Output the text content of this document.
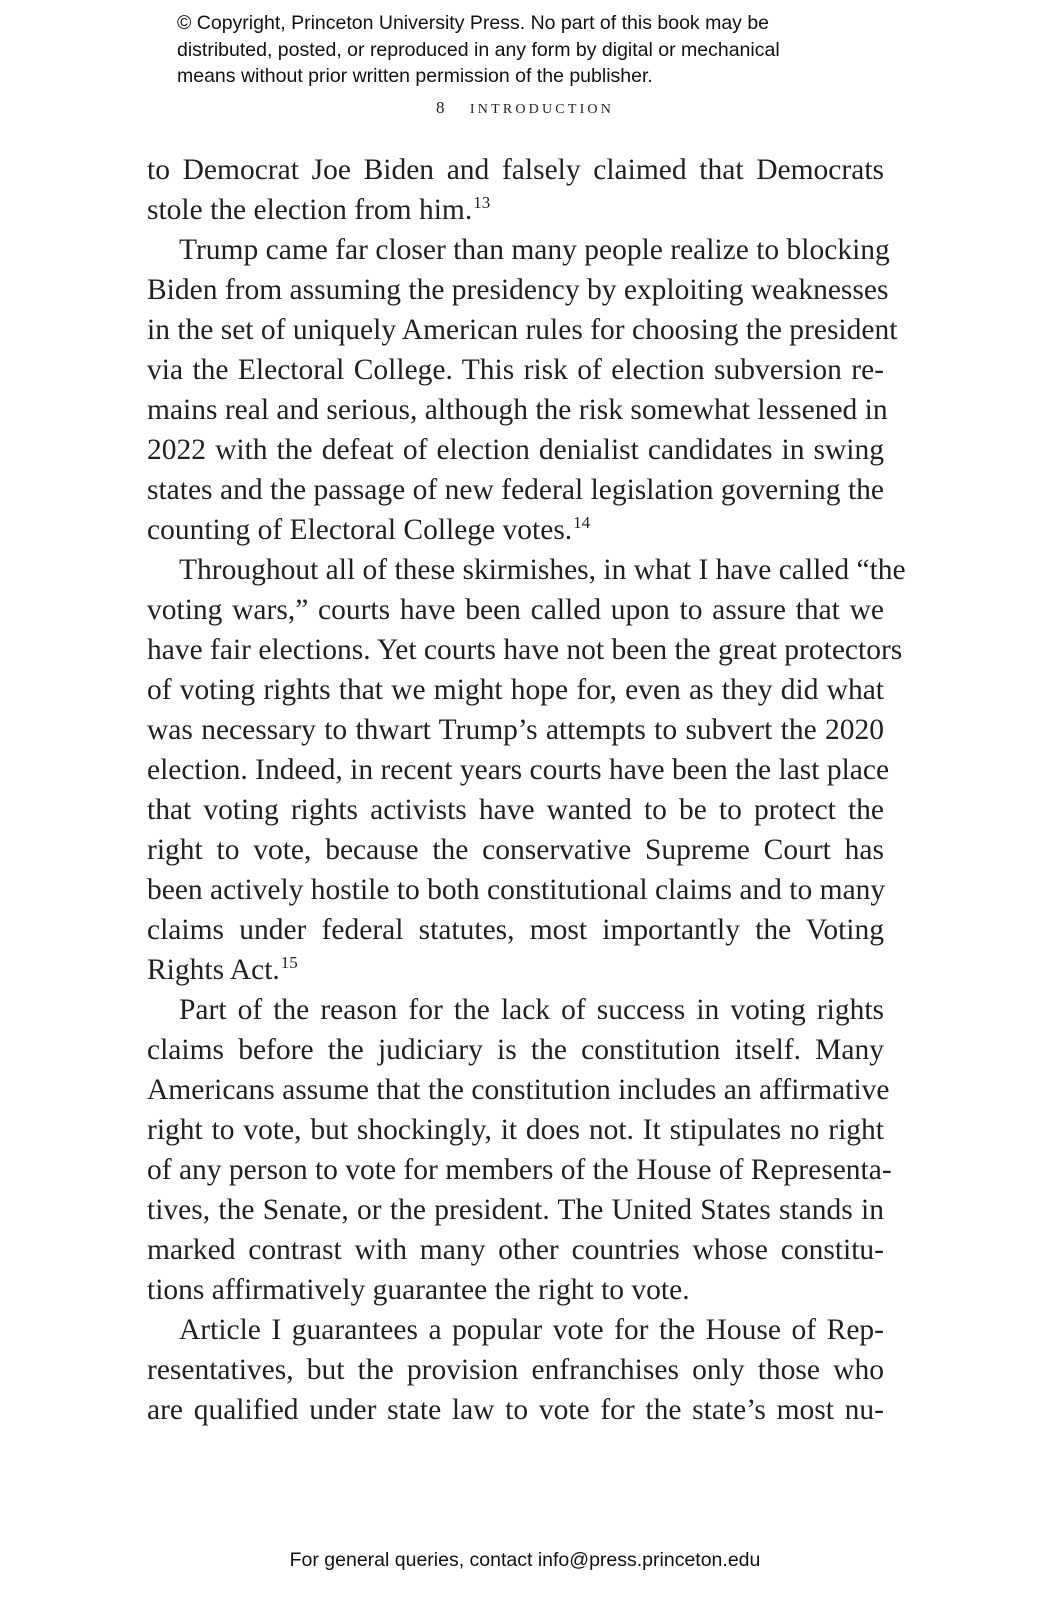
© Copyright, Princeton University Press. No part of this book may be
distributed, posted, or reproduced in any form by digital or mechanical
means without prior written permission of the publisher.
8 introduction
to Democrat Joe Biden and falsely claimed that Democrats
stole the election from him.$^{13}$
Trump came far closer than many people realize to blocking
Biden from assuming the presidency by exploiting weaknesses
in the set of uniquely American rules for choosing the president
via the Electoral College. This risk of election subversion re-
mains real and serious, although the risk somewhat lessened in
2022 with the defeat of election denialist candidates in swing
states and the passage of new federal legislation governing the
counting of Electoral College votes.$^{14}$
Throughout all of these skirmishes, in what I have called “the
voting wars,” courts have been called upon to assure that we
have fair elections. Yet courts have not been the great protectors
of voting rights that we might hope for, even as they did what
was necessary to thwart Trump’s attempts to subvert the 2020
election. Indeed, in recent years courts have been the last place
that voting rights activists have wanted to be to protect the
right to vote, because the conservative Supreme Court has
been actively hostile to both constitutional claims and to many
claims under federal statutes, most importantly the Voting
Rights Act.$^{15}$
Part of the reason for the lack of success in voting rights
claims before the judiciary is the constitution itself. Many
Americans assume that the constitution includes an affirmative
right to vote, but shockingly, it does not. It stipulates no right
of any person to vote for members of the House of Representa-
tives, the Senate, or the president. The United States stands in
marked contrast with many other countries whose constitu-
tions affirmatively guarantee the right to vote.
Article I guarantees a popular vote for the House of Rep-
resentatives, but the provision enfranchises only those who
are qualified under state law to vote for the state’s most nu-
For general queries, contact info@press.princeton.edu
